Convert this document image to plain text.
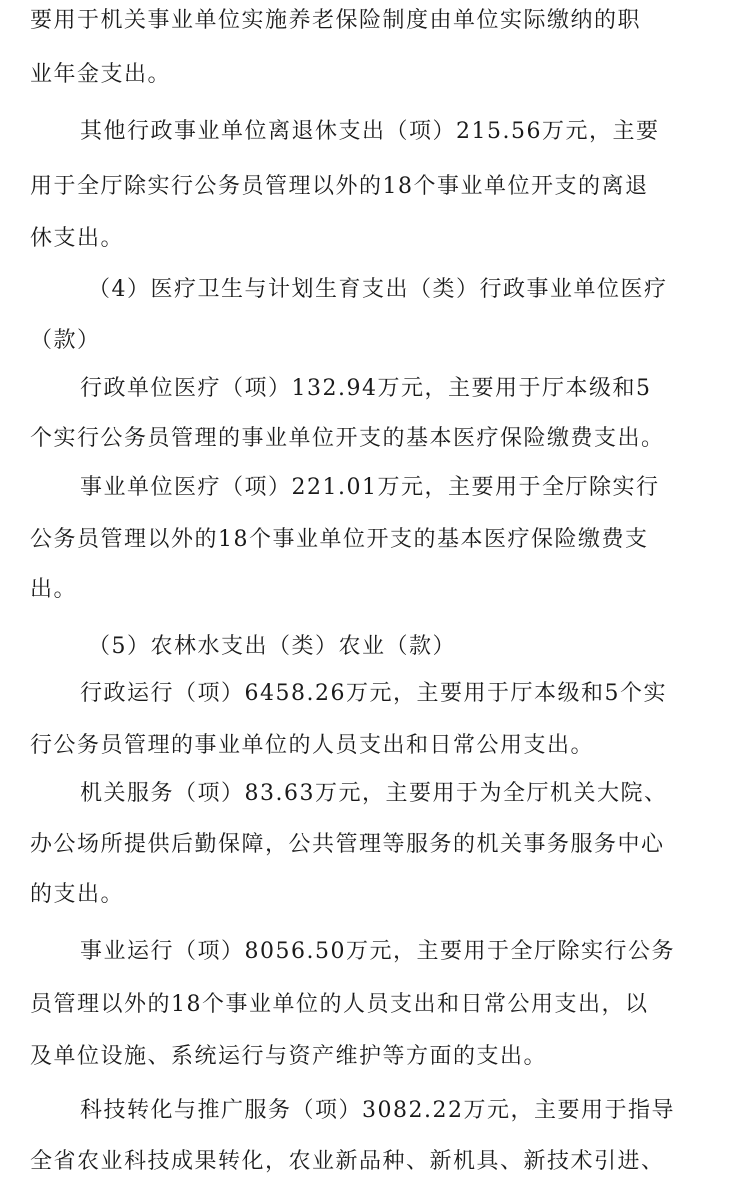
要用于机关事业单位实施养老保险制度由单位实际缴纳的职
业年金支出。
其他行政事业单位离退休支出（项）215.56万元，主要
用于全厅除实行公务员管理以外的18个事业单位开支的离退
休支出。
（4）医疗卫生与计划生育支出（类）行政事业单位医疗
（款）
行政单位医疗（项）132.94万元，主要用于厅本级和5
个实行公务员管理的事业单位开支的基本医疗保险缴费支出。
事业单位医疗（项）221.01万元，主要用于全厅除实行
公务员管理以外的18个事业单位开支的基本医疗保险缴费支
出。
（5）农林水支出（类）农业（款）
行政运行（项）6458.26万元，主要用于厅本级和5个实
行公务员管理的事业单位的人员支出和日常公用支出。
机关服务（项）83.63万元，主要用于为全厅机关大院、
办公场所提供后勤保障，公共管理等服务的机关事务服务中心
的支出。
事业运行（项）8056.50万元，主要用于全厅除实行公务
员管理以外的18个事业单位的人员支出和日常公用支出，以
及单位设施、系统运行与资产维护等方面的支出。
科技转化与推广服务（项）3082.22万元，主要用于指导
全省农业科技成果转化，农业新品种、新机具、新技术引进、
